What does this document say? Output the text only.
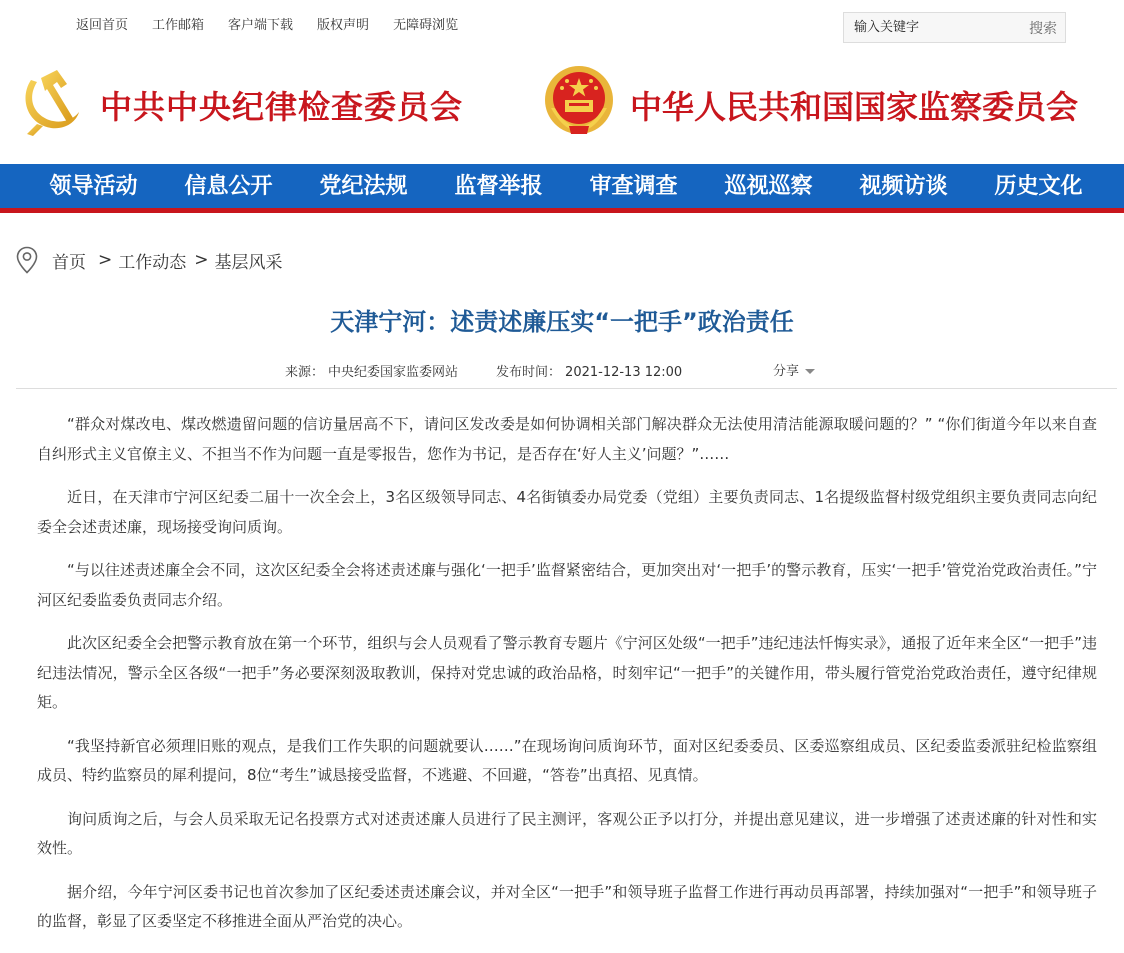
返回首页 工作邮箱 客户端下载 版权声明 无障碍浏览
输入关键字	搜索
中共中央纪律检查委员会	中华人民共和国国家监察委员会
领导活动	信息公开	党纪法规	监督举报	审查调查	巡视巡察	视频访谈	历史文化
首页 > 工作动态 > 基层风采
天津宁河：述责述廉压实“一把手”政治责任
来源： 中央纪委国家监委网站	发布时间： 2021-12-13 12:00	分享

“群众对煤改电、煤改燃遗留问题的信访量居高不下，请问区发改委是如何协调相关部门解决群众无法使用清洁能源取暖问题的？” “你们街道今年以来自查自纠形式主义官僚主义、不担当不作为问题一直是零报告，您作为书记，是否存在‘好人主义’问题？”……

近日，在天津市宁河区纪委二届十一次全会上，3名区级领导同志、4名街镇委办局党委（党组）主要负责同志、1名提级监督村级党组织主要负责同志向纪委全会述责述廉，现场接受询问质询。

“与以往述责述廉全会不同，这次区纪委全会将述责述廉与强化‘一把手’监督紧密结合，更加突出对‘一把手’的警示教育，压实‘一把手’管党治党政治责任。”宁河区纪委监委负责同志介绍。

此次区纪委全会把警示教育放在第一个环节，组织与会人员观看了警示教育专题片《宁河区处级“一把手”违纪违法忏悔实录》，通报了近年来全区“一把手”违纪违法情况，警示全区各级“一把手”务必要深刻汲取教训，保持对党忠诚的政治品格，时刻牢记“一把手”的关键作用，带头履行管党治党政治责任，遵守纪律规矩。

“我坚持新官必须理旧账的观点，是我们工作失职的问题就要认……”在现场询问质询环节，面对区纪委委员、区委巡察组成员、区纪委监委派驻纪检监察组成员、特约监察员的犀利提问，8位“考生”诚恳接受监督，不逃避、不回避，“答卷”出真招、见真情。

询问质询之后，与会人员采取无记名投票方式对述责述廉人员进行了民主测评，客观公正予以打分，并提出意见建议，进一步增强了述责述廉的针对性和实效性。

据介绍，今年宁河区委书记也首次参加了区纪委述责述廉会议，并对全区“一把手”和领导班子监督工作进行再动员再部署，持续加强对“一把手”和领导班子的监督，彰显了区委坚定不移推进全面从严治党的决心。
